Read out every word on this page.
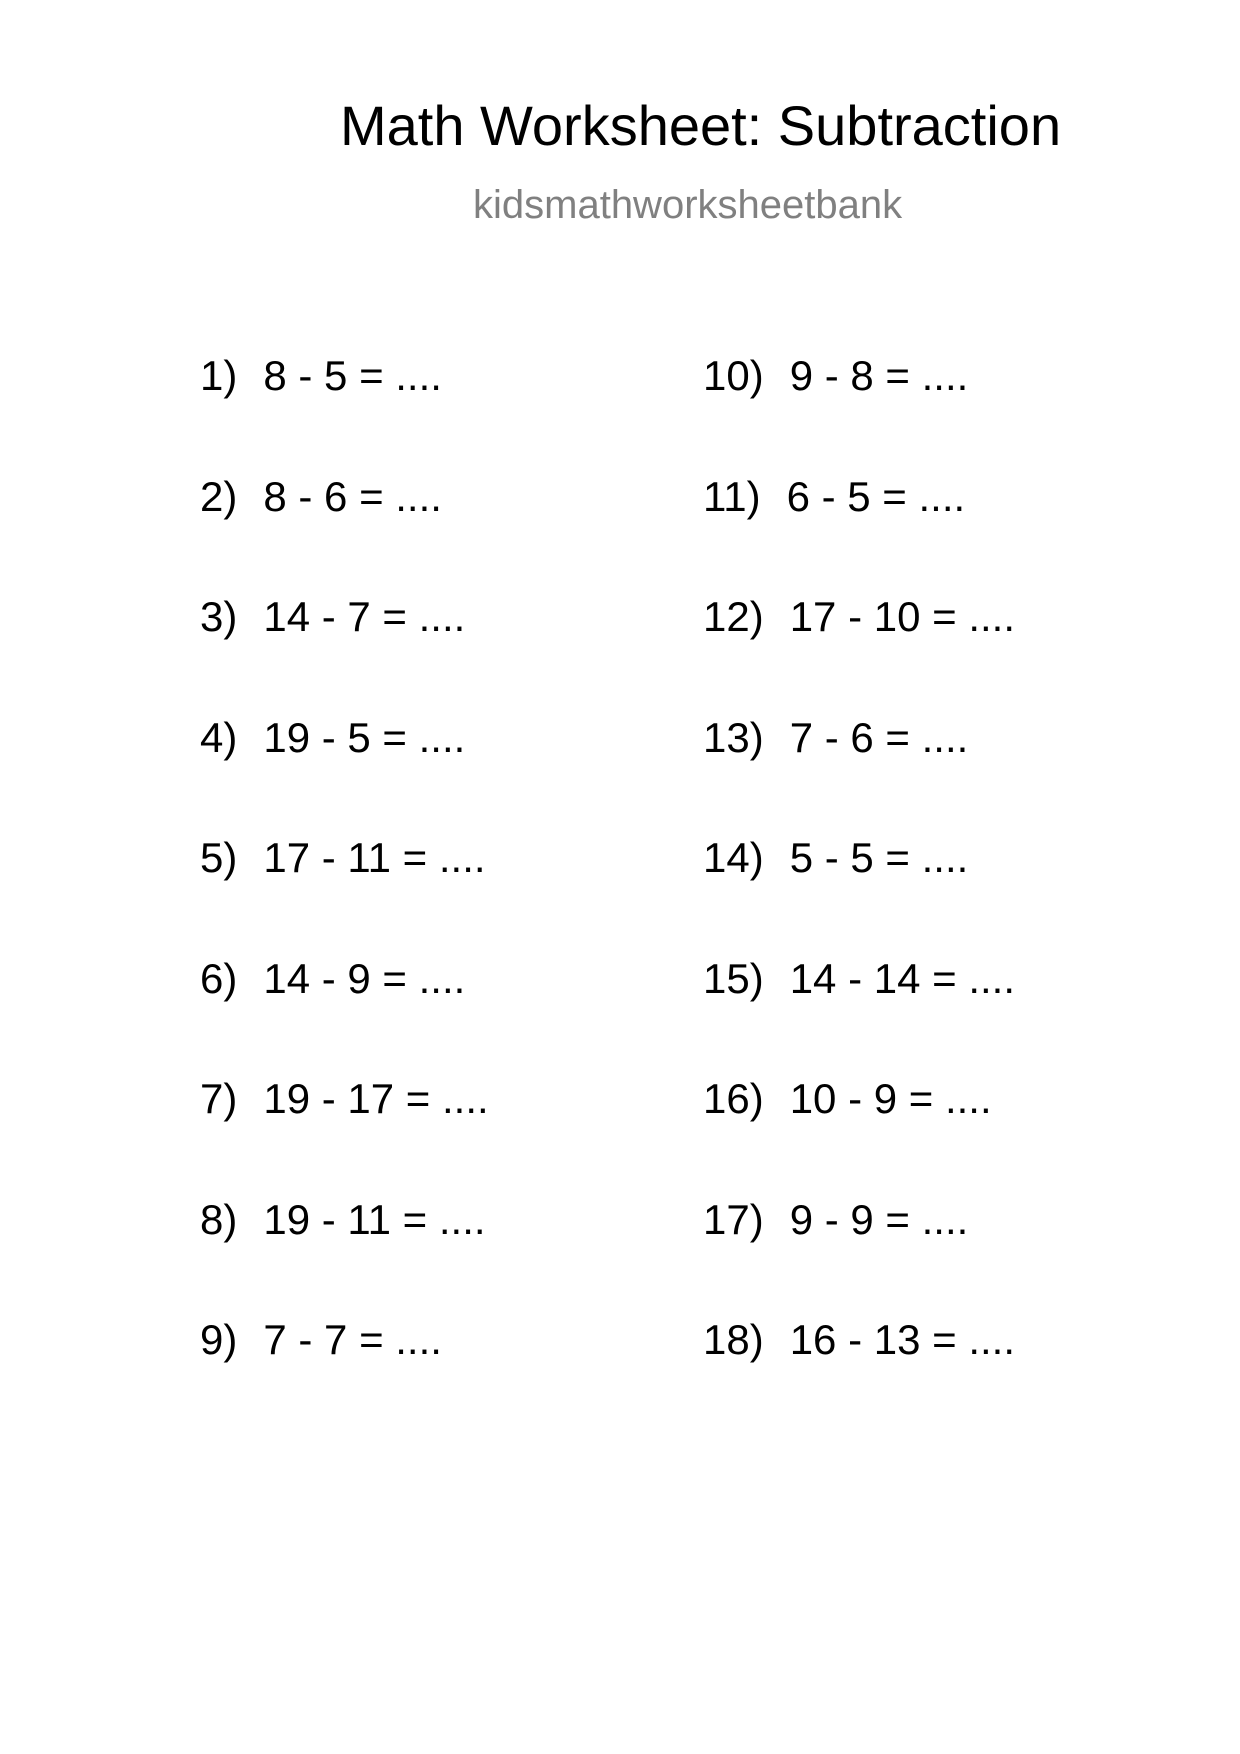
Math Worksheet: Subtraction
kidsmathworksheetbank
1) 8 - 5 = ....
2) 8 - 6 = ....
3) 14 - 7 = ....
4) 19 - 5 = ....
5) 17 - 11 = ....
6) 14 - 9 = ....
7) 19 - 17 = ....
8) 19 - 11 = ....
9) 7 - 7 = ....
10) 9 - 8 = ....
11) 6 - 5 = ....
12) 17 - 10 = ....
13) 7 - 6 = ....
14) 5 - 5 = ....
15) 14 - 14 = ....
16) 10 - 9 = ....
17) 9 - 9 = ....
18) 16 - 13 = ....
